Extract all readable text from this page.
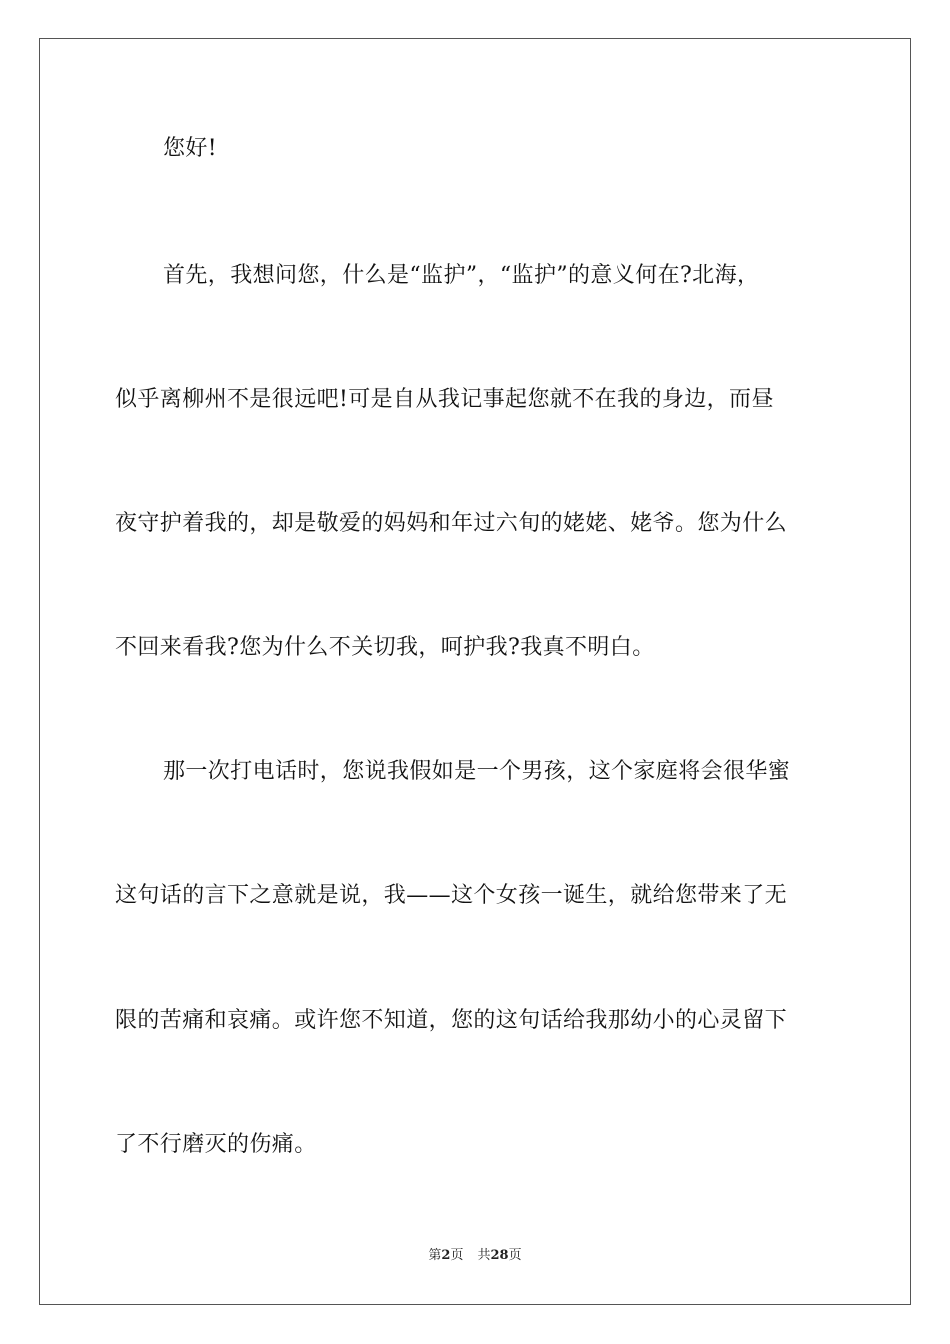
您好!
首先，我想问您，什么是“监护”，“监护”的意义何在?北海，
似乎离柳州不是很远吧!可是自从我记事起您就不在我的身边，而昼
夜守护着我的，却是敬爱的妈妈和年过六旬的姥姥、姥爷。您为什么
不回来看我?您为什么不关切我，呵护我?我真不明白。
那一次打电话时，您说我假如是一个男孩，这个家庭将会很华蜜
这句话的言下之意就是说，我——这个女孩一诞生，就给您带来了无
限的苦痛和哀痛。或许您不知道，您的这句话给我那幼小的心灵留下
了不行磨灭的伤痛。
第2页 共28页
